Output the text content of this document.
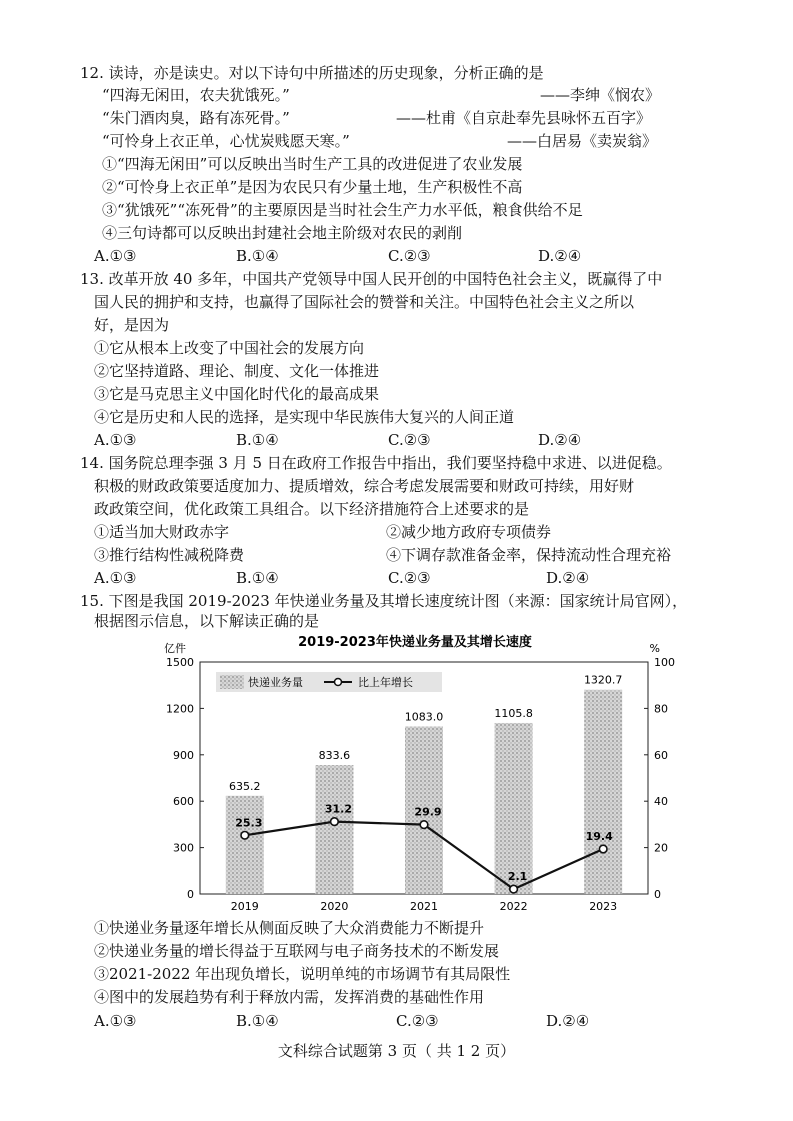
12. 读诗，亦是读史。对以下诗句中所描述的历史现象，分析正确的是
“四海无闲田，农夫犹饿死。”	——李绅《悯农》
“朱门酒肉臭，路有冻死骨。”	——杜甫《自京赴奉先县咏怀五百字》
“可怜身上衣正单，心忧炭贱愿天寒。”	——白居易《卖炭翁》
①“四海无闲田”可以反映出当时生产工具的改进促进了农业发展
②“可怜身上衣正单”是因为农民只有少量土地，生产积极性不高
③“犹饿死”“冻死骨”的主要原因是当时社会生产力水平低，粮食供给不足
④三句诗都可以反映出封建社会地主阶级对农民的剥削
A.①③	B.①④	C.②③	D.②④
13. 改革开放 40 多年，中国共产党领导中国人民开创的中国特色社会主义，既赢得了中
国人民的拥护和支持，也赢得了国际社会的赞誉和关注。中国特色社会主义之所以
好，是因为
①它从根本上改变了中国社会的发展方向
②它坚持道路、理论、制度、文化一体推进
③它是马克思主义中国化时代化的最高成果
④它是历史和人民的选择，是实现中华民族伟大复兴的人间正道
A.①③	B.①④	C.②③	D.②④
14. 国务院总理李强 3 月 5 日在政府工作报告中指出，我们要坚持稳中求进、以进促稳。
积极的财政政策要适度加力、提质增效，综合考虑发展需要和财政可持续，用好财
政政策空间，优化政策工具组合。以下经济措施符合上述要求的是
①适当加大财政赤字	②减少地方政府专项债券
③推行结构性减税降费	④下调存款准备金率，保持流动性合理充裕
A.①③	B.①④	C.②③	D.②④
15. 下图是我国 2019-2023 年快递业务量及其增长速度统计图（来源：国家统计局官网），
根据图示信息，以下解读正确的是
2019-2023年快递业务量及其增长速度
亿件	%
1500
1200
900
600
300
0
100
80
60
40
20
0
635.2
833.6
1083.0	1105.8
1320.7
25.3
31.2	29.9
2.1
19.4
2019	2020	2021	2022	2023
快递业务量	比上年增长
①快递业务量逐年增长从侧面反映了大众消费能力不断提升
②快递业务量的增长得益于互联网与电子商务技术的不断发展
③2021-2022 年出现负增长，说明单纯的市场调节有其局限性
④图中的发展趋势有利于释放内需，发挥消费的基础性作用
A.①③	B.①④	C.②③	D.②④
文科综合试题第 3 页（ 共 1 2 页）
